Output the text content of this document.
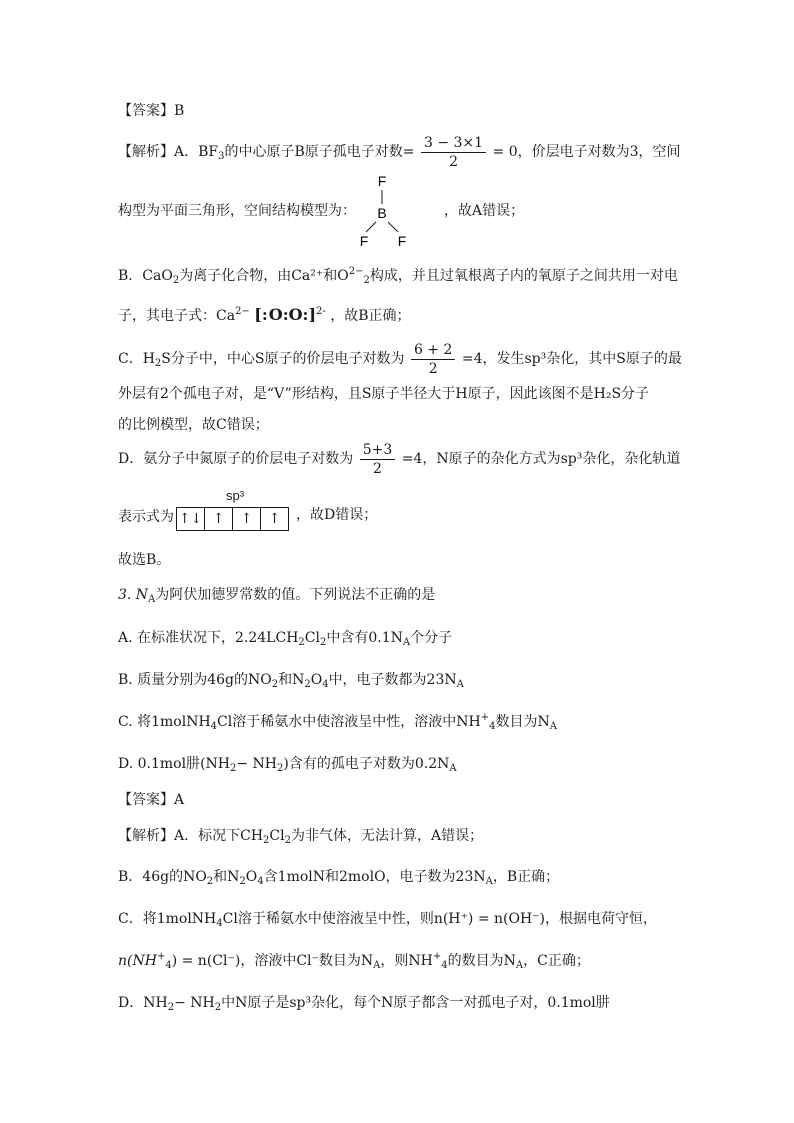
【答案】B
【解析】A．$BF_3$的中心原子B原子孤电子对数= $\frac{3 - 3\times 1}{2} = 0$，价层电子对数为3，空间
构型为平面三角形，空间结构模型为：	，故A错误；
F
B
F F
B．CaO$_2$为离子化合物，由Ca²⁺和$O^{2-}_2$构成，并且过氧根离子内的氧原子之间共用一对电
子，其电子式：$Ca^{2-}$ [:O:O:]$^{2-}$ ，故B正确；
C．$H_2S$分子中，中心S原子的价层电子对数为 $\frac{6 + 2}{2} =4$，发生sp³杂化，其中S原子的最
外层有2个孤电子对，是“V”形结构，且S原子半径大于H原子，因此该图不是H₂S分子
的比例模型，故C错误；
D．氨分子中氮原子的价层电子对数为 $\frac{5+3}{2} =4$，N原子的杂化方式为sp³杂化，杂化轨道
表示式为
sp³
↑↓ ↑	↑	↑	，故D错误；
故选B。
3. $N_A$为阿伏加德罗常数的值。下列说法不正确的是
A. 在标准状况下，$2.24LCH_2Cl_2$中含有$0.1N_A$个分子
B. 质量分别为46g的$NO_2$和$N_2O_4$中，电子数都为$23N_A$
C. 将1molNH$_4$Cl溶于稀氨水中使溶液呈中性，溶液中$NH^+_4$数目为$N_A$
D. 0.1mol肼$(NH_2- NH_2)$含有的孤电子对数为$0.2N_A$
【答案】A
【解析】A．标况下$CH_2Cl_2$为非气体，无法计算，A错误；
B．46g的$NO_2$和$N_2O_4$含1molN和2molO，电子数为$23N_A$，B正确；
C．将1molNH$_4$Cl溶于稀氨水中使溶液呈中性，则n(H⁺) = n(OH⁻)，根据电荷守恒，
$n(NH^+_4) = n(Cl^-)$，溶液中Cl⁻数目为$N_A$，则$NH^+_4$的数目为$N_A$，C正确；
D．$NH_2- NH_2$中N原子是sp³杂化，每个N原子都含一对孤电子对，0.1mol肼
